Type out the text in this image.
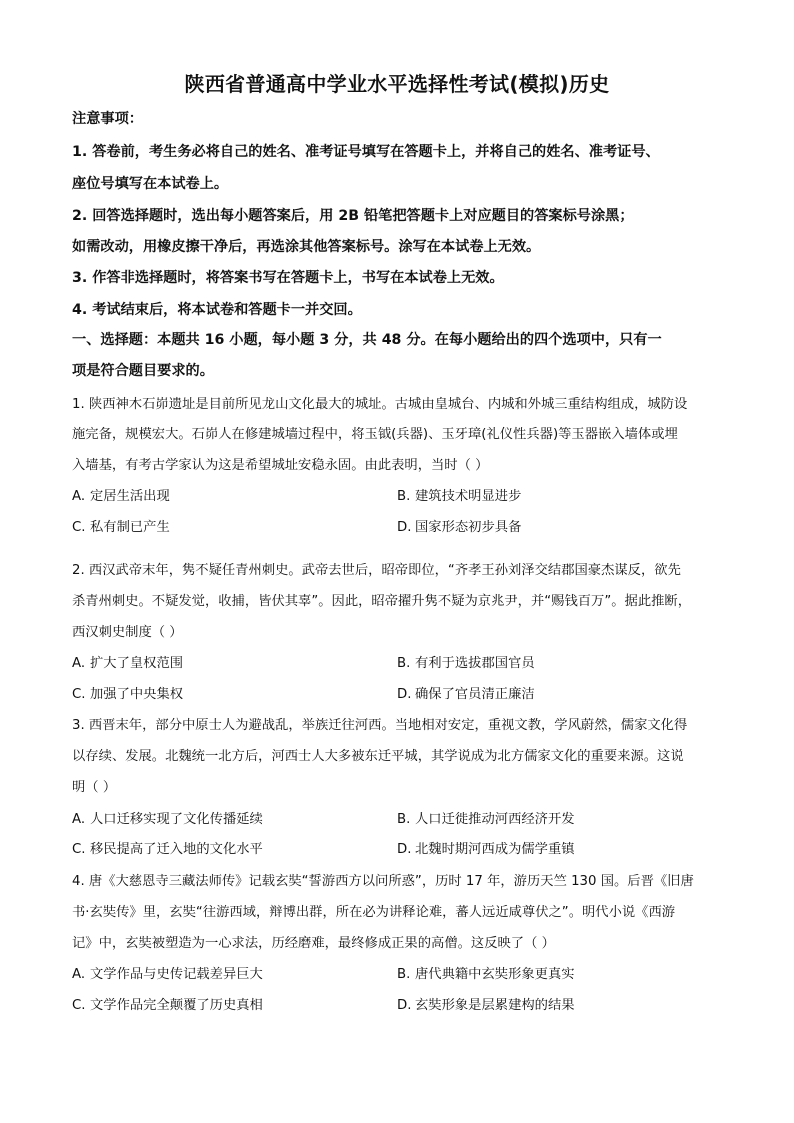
陕西省普通高中学业水平选择性考试(模拟)历史
注意事项：
1. 答卷前，考生务必将自己的姓名、准考证号填写在答题卡上，并将自己的姓名、准考证号、
座位号填写在本试卷上。
2. 回答选择题时，选出每小题答案后，用 2B 铅笔把答题卡上对应题目的答案标号涂黑；
如需改动，用橡皮擦干净后，再选涂其他答案标号。涂写在本试卷上无效。
3. 作答非选择题时，将答案书写在答题卡上，书写在本试卷上无效。
4. 考试结束后，将本试卷和答题卡一并交回。
一、选择题：本题共 16 小题，每小题 3 分，共 48 分。在每小题给出的四个选项中，只有一
项是符合题目要求的。
1. 陕西神木石峁遗址是目前所见龙山文化最大的城址。古城由皇城台、内城和外城三重结构组成，城防设
施完备，规模宏大。石峁人在修建城墙过程中，将玉钺(兵器)、玉牙璋(礼仪性兵器)等玉器嵌入墙体或埋
入墙基，有考古学家认为这是希望城址安稳永固。由此表明，当时（ ）
A. 定居生活出现	B. 建筑技术明显进步
C. 私有制已产生	D. 国家形态初步具备
2. 西汉武帝末年，隽不疑任青州刺史。武帝去世后，昭帝即位，“齐孝王孙刘泽交结郡国豪杰谋反，欲先
杀青州刺史。不疑发觉，收捕，皆伏其辜”。因此，昭帝擢升隽不疑为京兆尹，并“赐钱百万”。据此推断，
西汉刺史制度（ ）
A. 扩大了皇权范围	B. 有利于选拔郡国官员
C. 加强了中央集权	D. 确保了官员清正廉洁
3. 西晋末年，部分中原士人为避战乱，举族迁往河西。当地相对安定，重视文教，学风蔚然，儒家文化得
以存续、发展。北魏统一北方后，河西士人大多被东迁平城，其学说成为北方儒家文化的重要来源。这说
明（ ）
A. 人口迁移实现了文化传播延续	B. 人口迁徙推动河西经济开发
C. 移民提高了迁入地的文化水平	D. 北魏时期河西成为儒学重镇
4. 唐《大慈恩寺三藏法师传》记载玄奘“誓游西方以问所惑”，历时 17 年，游历天竺 130 国。后晋《旧唐
书·玄奘传》里，玄奘“往游西域，辩博出群，所在必为讲释论难，蕃人远近咸尊伏之”。明代小说《西游
记》中，玄奘被塑造为一心求法，历经磨难，最终修成正果的高僧。这反映了（ ）
A. 文学作品与史传记载差异巨大	B. 唐代典籍中玄奘形象更真实
C. 文学作品完全颠覆了历史真相	D. 玄奘形象是层累建构的结果
